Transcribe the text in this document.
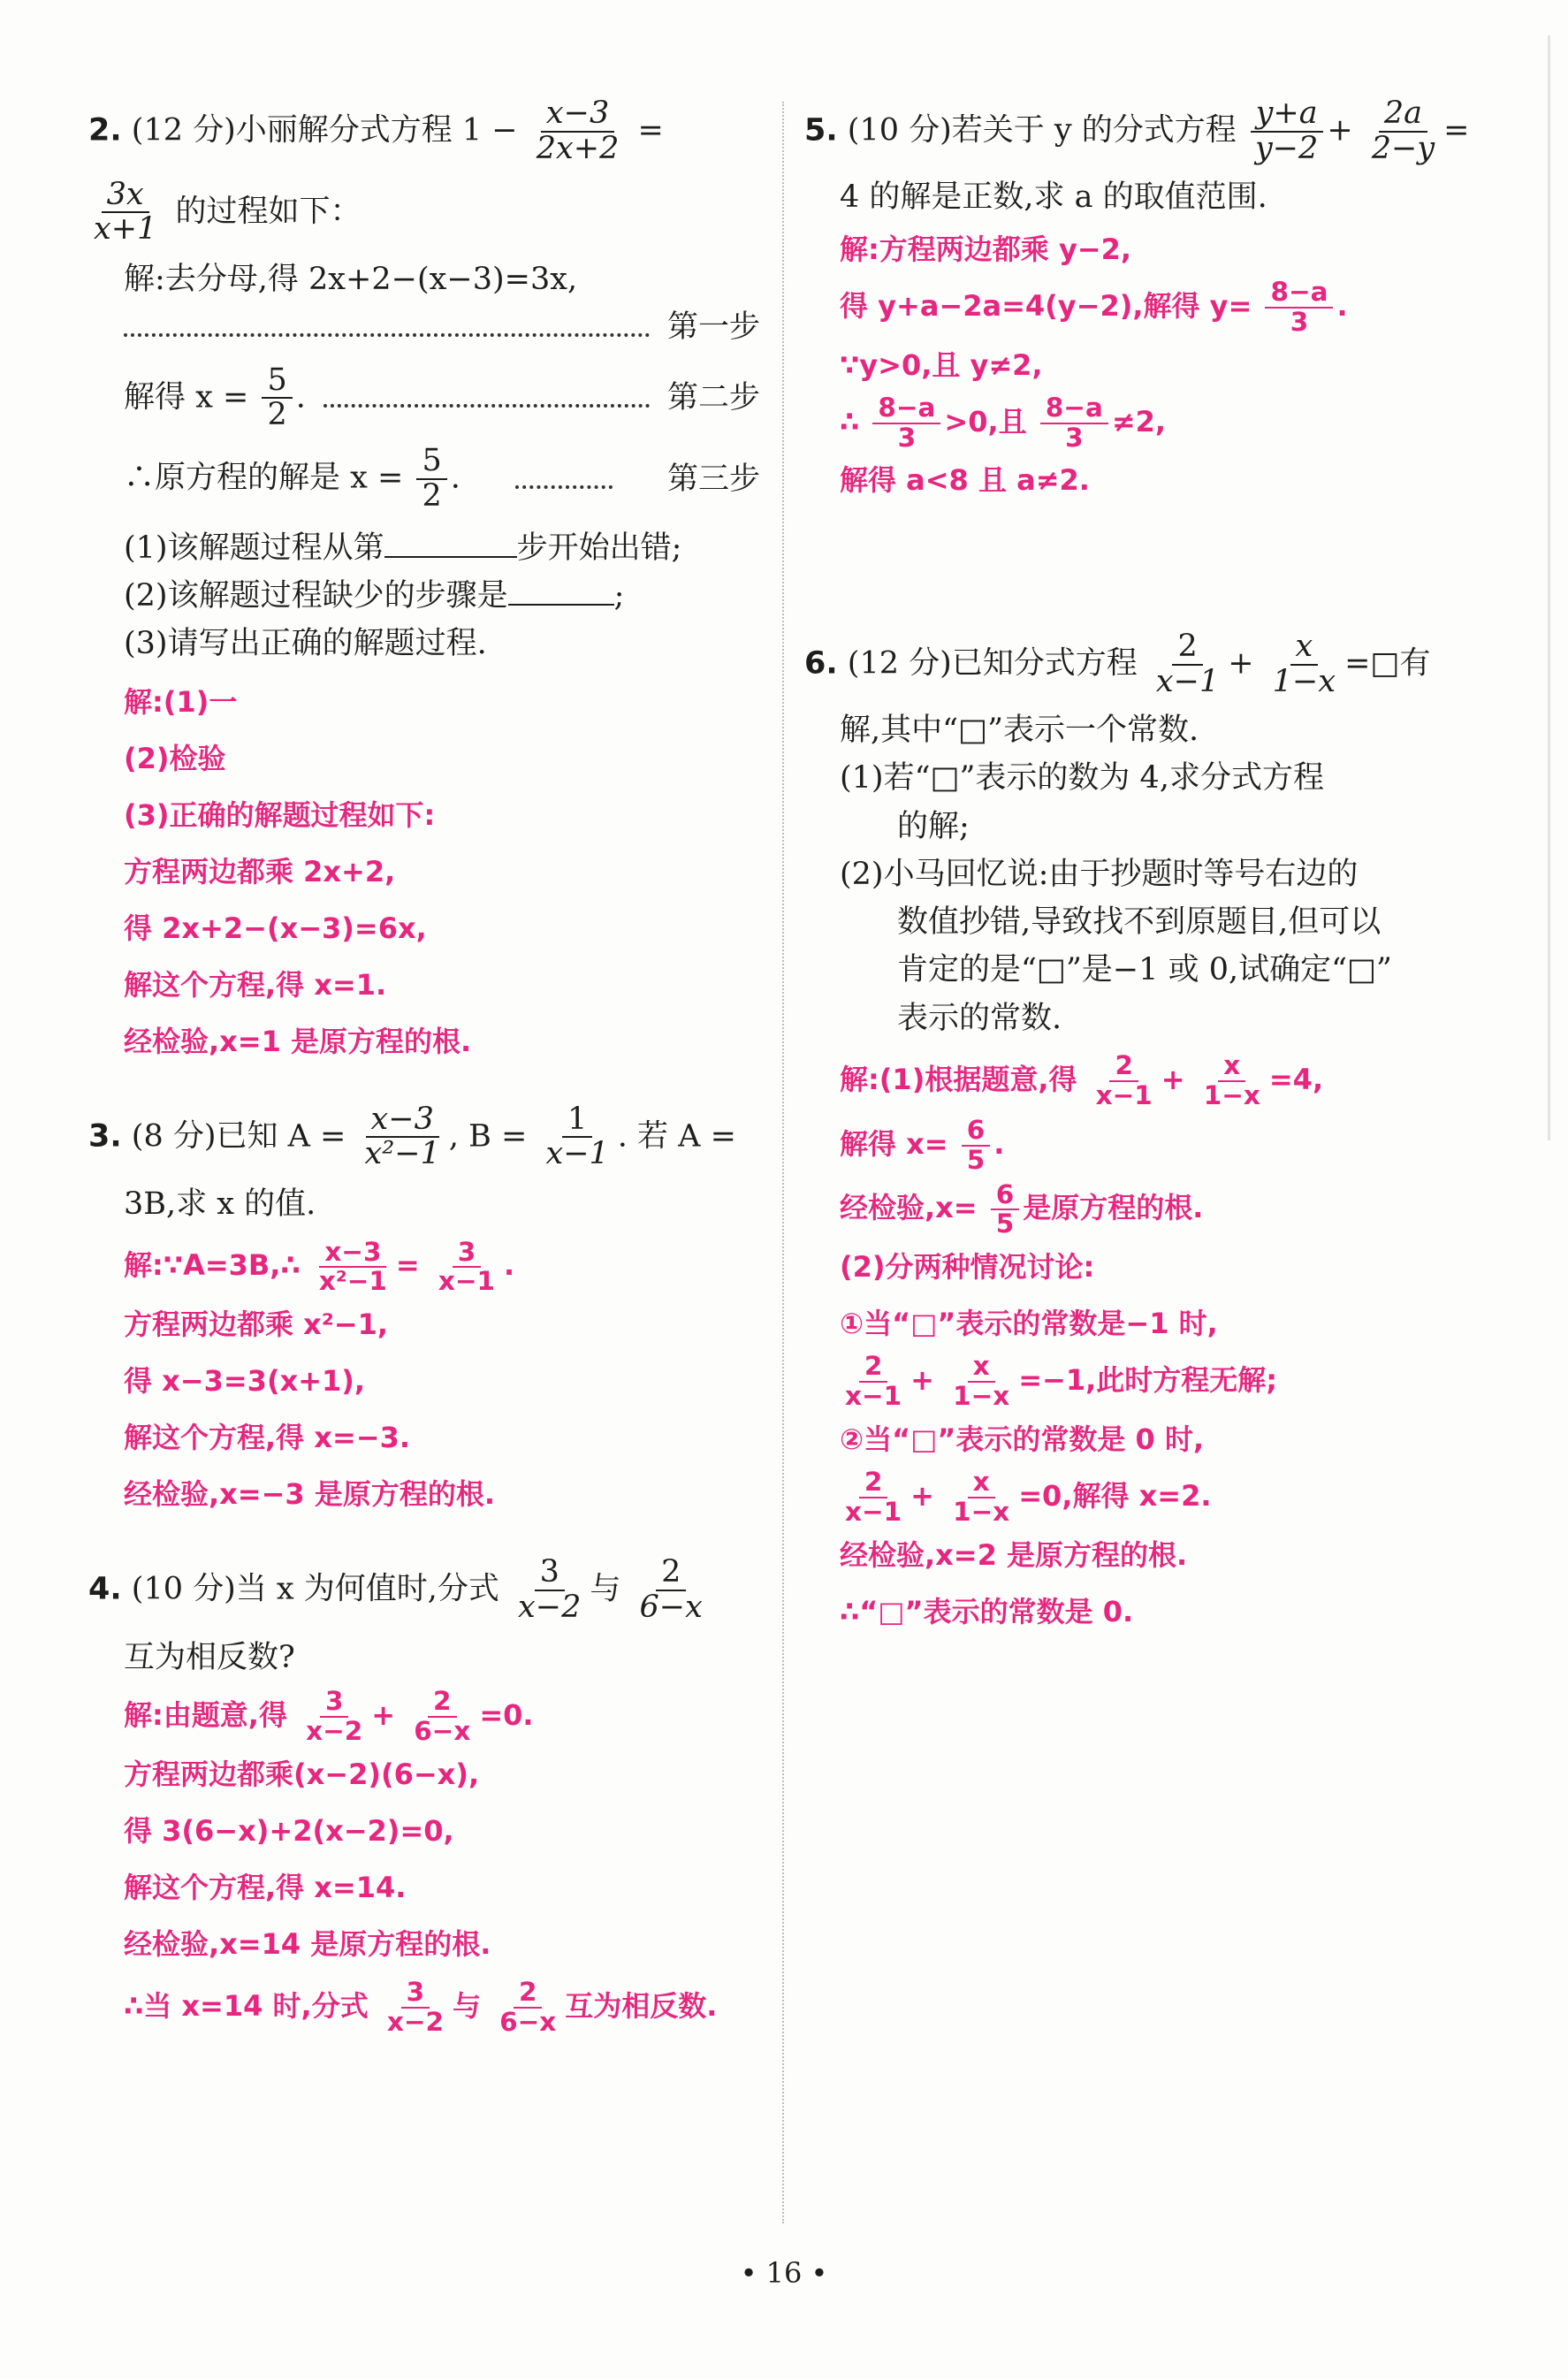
2. (12 分)小丽解分式方程 $1 - \frac{x-3}{2x+2}$ =
$\frac{3x}{x+1}$ 的过程如下：
解:去分母,得 2x+2−(x−3)=3x,
第一步
解得 $x = \frac{5}{2}$ .	第二步
∴原方程的解是 $x = \frac{5}{2}$ .	第三步
(1)该解题过程从第	步开始出错;
(2)该解题过程缺少的步骤是	;
(3)请写出正确的解题过程.
解:(1)一
(2)检验
(3)正确的解题过程如下:
方程两边都乘 2x+2,
得 2x+2−(x−3)=6x,
解这个方程,得 x=1.
经检验,x=1 是原方程的根.
3. (8 分)已知 $A = \frac{x-3}{\text{x²−1}}$ , $B = \frac{1}{x-1}$ . 若 A =
3B,求 x 的值.
解:∵A=3B,∴ $\frac{x-3}{\text{x²−1}} = \frac{3}{x-1}$ .
方程两边都乘 x²−1,
得 x−3=3(x+1),
解这个方程,得 x=−3.
经检验,x=−3 是原方程的根.
4. (10 分)当 x 为何值时,分式 $\frac{3}{x-2}$ 与 $\frac{2}{6-x}$
互为相反数?
解:由题意,得 $\frac{3}{x-2} + \frac{2}{6-x} =0$.
方程两边都乘(x−2)(6−x),
得 3(6−x)+2(x−2)=0,
解这个方程,得 x=14.
经检验,x=14 是原方程的根.
∴当 x=14 时,分式 $\frac{3}{x-2}$ 与 $\frac{2}{6-x}$ 互为相反数.
5. (10 分)若关于 y 的分式方程 $\frac{y+a}{y-2} + \frac{2a}{2-y}$ =
4 的解是正数,求 a 的取值范围.
解:方程两边都乘 y−2,
得 y+a−2a=4(y−2),解得 $y= \frac{8-a}{3}$ .
∵y>0,且 y≠2,
∴ $\frac{8-a}{3} >0$,且 $\frac{8-a}{3} \ne 2$,
解得 a<8 且 a≠2.
6. (12 分)已知分式方程 $\frac{2}{x-1} + \frac{x}{1-x}$ =□有
解,其中“□”表示一个常数.
(1)若“□”表示的数为 4,求分式方程
的解;
(2)小马回忆说:由于抄题时等号右边的
数值抄错,导致找不到原题目,但可以
肯定的是“□”是−1 或 0,试确定“□”
表示的常数.
解:(1)根据题意,得 $\frac{2}{x-1} + \frac{x}{1-x} =4$,
解得 $x= \frac{6}{5}$ .
经检验$,x= \frac{6}{5}$ 是原方程的根.
(2)分两种情况讨论:
①当“□”表示的常数是−1 时,
$\frac{2}{x-1} + \frac{x}{1-x} =-1$,此时方程无解;
②当“□”表示的常数是 0 时,
$\frac{2}{x-1} + \frac{x}{1-x} =0$,解得 x=2.
经检验,x=2 是原方程的根.
∴“□”表示的常数是 0.
• 16 •
